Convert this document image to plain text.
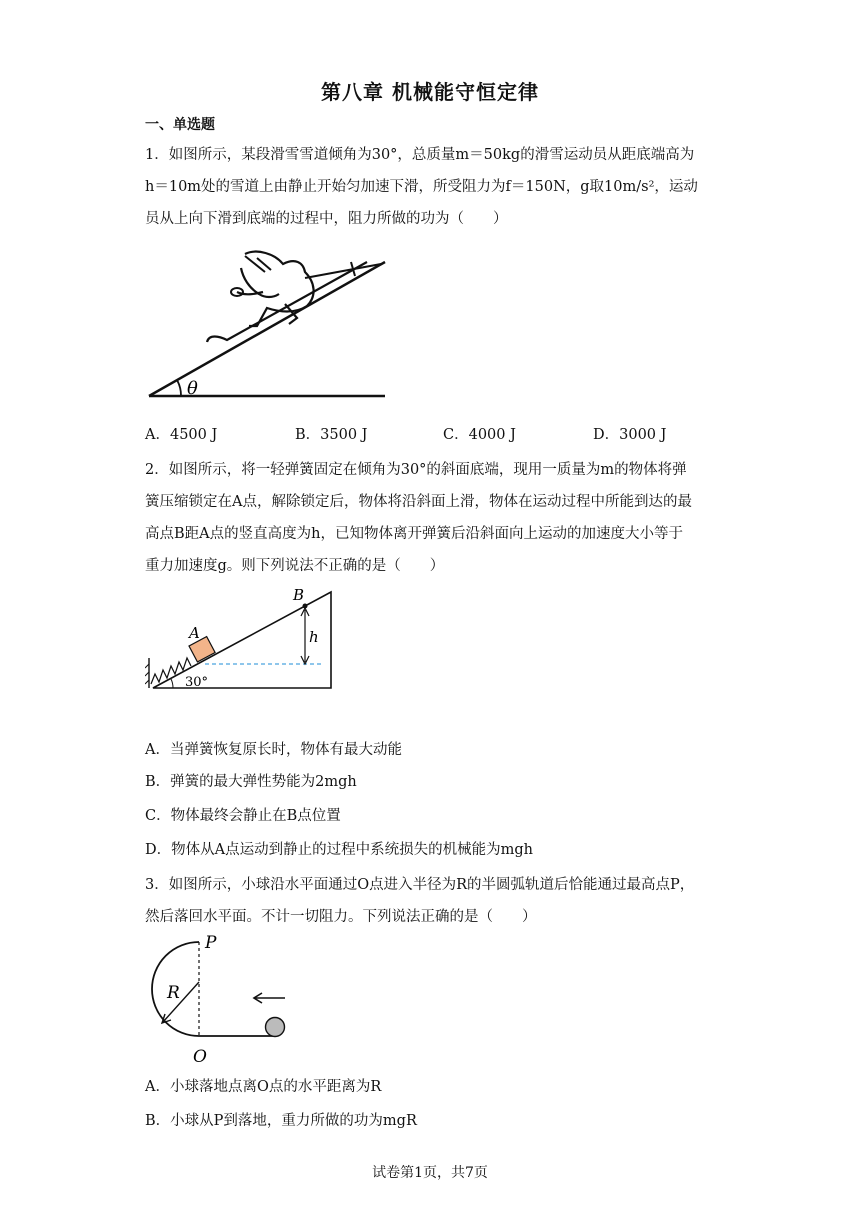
第八章 机械能守恒定律
一、单选题
1．如图所示，某段滑雪雪道倾角为30°，总质量m＝50kg的滑雪运动员从距底端高为
h＝10m处的雪道上由静止开始匀加速下滑，所受阻力为f＝150N，g取10m/s²，运动
员从上向下滑到底端的过程中，阻力所做的功为（　　）
θ
A．4500 J	B．3500 J	C．4000 J	D．3000 J
2．如图所示，将一轻弹簧固定在倾角为30°的斜面底端，现用一质量为m的物体将弹
簧压缩锁定在A点，解除锁定后，物体将沿斜面上滑，物体在运动过程中所能到达的最
高点B距A点的竖直高度为h，已知物体离开弹簧后沿斜面向上运动的加速度大小等于
重力加速度g。则下列说法不正确的是（　　）
A
B
h
30°
A．当弹簧恢复原长时，物体有最大动能
B．弹簧的最大弹性势能为2mgh
C．物体最终会静止在B点位置
D．物体从A点运动到静止的过程中系统损失的机械能为mgh
3．如图所示，小球沿水平面通过O点进入半径为R的半圆弧轨道后恰能通过最高点P，
然后落回水平面。不计一切阻力。下列说法正确的是（　　）
R
P
O
A．小球落地点离O点的水平距离为R
B．小球从P到落地，重力所做的功为mgR
试卷第1页，共7页
